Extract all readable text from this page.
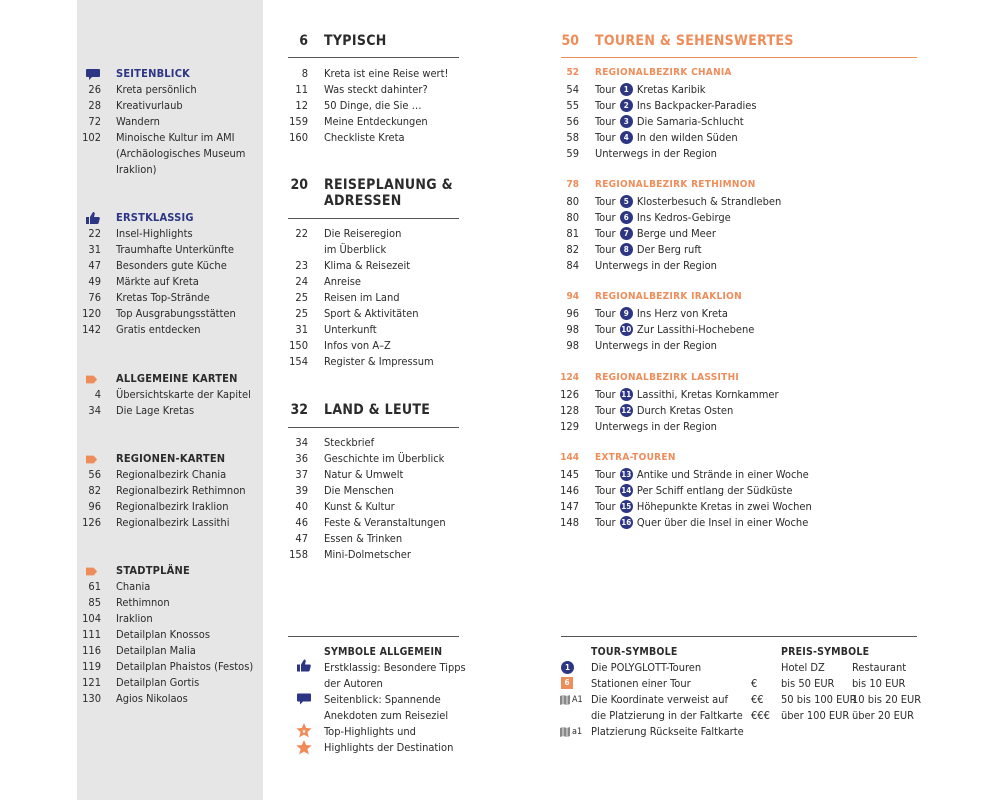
SEITENBLICK
26 Kreta persönlich
28 Kreativurlaub
72 Wandern
102 Minoische Kultur im AMI
(Archäologisches Museum
Iraklion)
ERSTKLASSIG
22 Insel-Highlights
31 Traumhafte Unterkünfte
47 Besonders gute Küche
49 Märkte auf Kreta
76 Kretas Top-Strände
120 Top Ausgrabungsstätten
142 Gratis entdecken
ALLGEMEINE KARTEN
4 Übersichtskarte der Kapitel
34 Die Lage Kretas
REGIONEN-KARTEN
56 Regionalbezirk Chania
82 Regionalbezirk Rethimnon
96 Regionalbezirk Iraklion
126 Regionalbezirk Lassithi
STADTPLÄNE
61 Chania
85 Rethimnon
104 Iraklion
111 Detailplan Knossos
116 Detailplan Malia
119 Detailplan Phaistos (Festos)
121 Detailplan Gortis
130 Agios Nikolaos
6 TYPISCH
8 Kreta ist eine Reise wert!
11 Was steckt dahinter?
12 50 Dinge, die Sie …
159 Meine Entdeckungen
160 Checkliste Kreta
20 REISEPLANUNG &
ADRESSEN
22 Die Reiseregion
im Überblick
23 Klima & Reisezeit
24 Anreise
25 Reisen im Land
25 Sport & Aktivitäten
31 Unterkunft
150 Infos von A–Z
154 Register & Impressum
32 LAND & LEUTE
34 Steckbrief
36 Geschichte im Überblick
37 Natur & Umwelt
39 Die Menschen
40 Kunst & Kultur
46 Feste & Veranstaltungen
47 Essen & Trinken
158 Mini-Dolmetscher
50 TOUREN & SEHENSWERTES
52 REGIONALBEZIRK CHANIA
54 Tour 1 Kretas Karibik
55 Tour 2 Ins Backpacker-Paradies
56 Tour 3 Die Samaria-Schlucht
58 Tour 4 In den wilden Süden
59 Unterwegs in der Region
78 REGIONALBEZIRK RETHIMNON
80 Tour 5 Klosterbesuch & Strandleben
80 Tour 6 Ins Kedros-Gebirge
81 Tour 7 Berge und Meer
82 Tour 8 Der Berg ruft
84 Unterwegs in der Region
94 REGIONALBEZIRK IRAKLION
96 Tour 9 Ins Herz von Kreta
98 Tour 10 Zur Lassithi-Hochebene
98 Unterwegs in der Region
124 REGIONALBEZIRK LASSITHI
126 Tour 11 Lassithi, Kretas Kornkammer
128 Tour 12 Durch Kretas Osten
129 Unterwegs in der Region
144 EXTRA-TOUREN
145 Tour 13 Antike und Strände in einer Woche
146 Tour 14 Per Schiff entlang der Südküste
147 Tour 15 Höhepunkte Kretas in zwei Wochen
148 Tour 16 Quer über die Insel in einer Woche
SYMBOLE ALLGEMEIN
Erstklassig: Besondere Tipps
der Autoren
Seitenblick: Spannende
Anekdoten zum Reiseziel
★ Top-Highlights und
Highlights der Destination
TOUR-SYMBOLE
1	Die POLYGLOTT-Touren
6	Stationen einer Tour
A1 Die Koordinate verweist auf
die Platzierung in der Faltkarte
a1 Platzierung Rückseite Faltkarte
PREIS-SYMBOLE
Hotel DZ Restaurant
€ bis 50 EUR bis 10 EUR
€€ 50 bis 100 EUR
10 bis 20 EUR
€€€ über 100 EUR über 20 EUR
